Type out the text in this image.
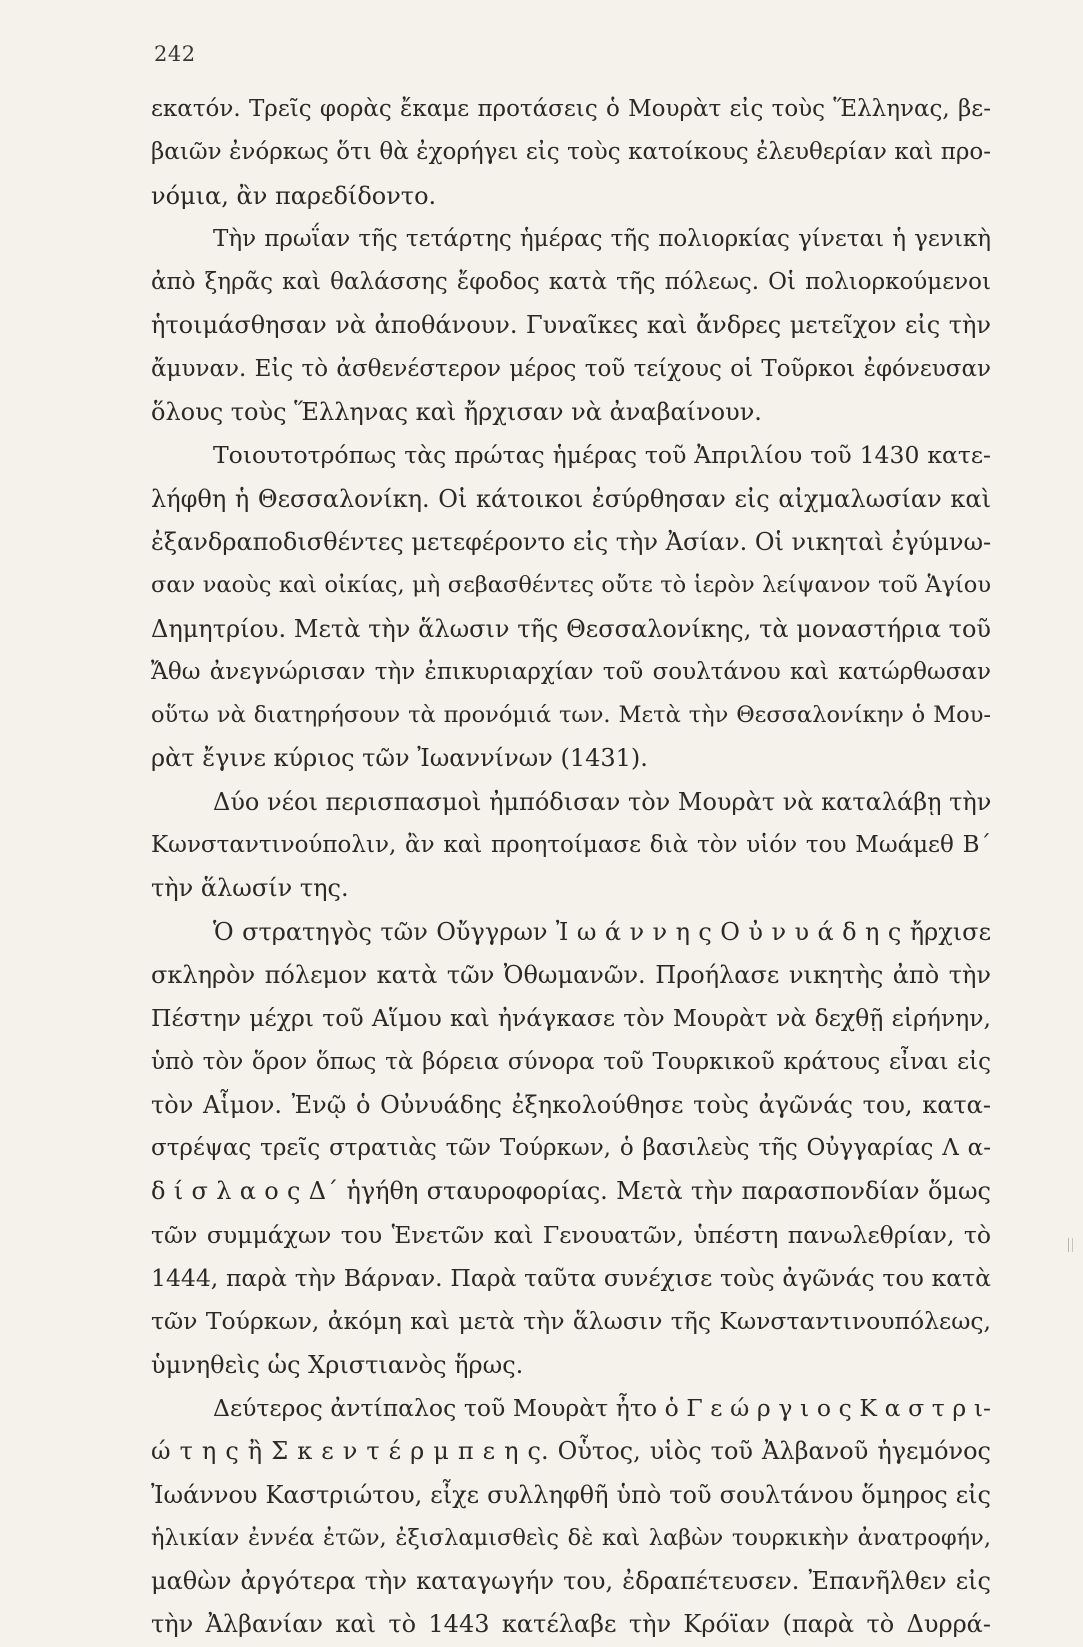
242
εκατόν. Τρεῖς φορὰς ἔκαμε προτάσεις ὁ Μουρὰτ εἰς τοὺς Ἕλληνας, βε-
βαιῶν ἐνόρκως ὅτι θὰ ἐχορήγει εἰς τοὺς κατοίκους ἐλευθερίαν καὶ προ-
νόμια, ἂν παρεδίδοντο.
Τὴν πρωΐαν τῆς τετάρτης ἡμέρας τῆς πολιορκίας γίνεται ἡ γενικὴ
ἀπὸ ξηρᾶς καὶ θαλάσσης ἔφοδος κατὰ τῆς πόλεως. Οἱ πολιορκούμενοι
ἡτοιμάσθησαν νὰ ἀποθάνουν. Γυναῖκες καὶ ἄνδρες μετεῖχον εἰς τὴν
ἄμυναν. Εἰς τὸ ἀσθενέστερον μέρος τοῦ τείχους οἱ Τοῦρκοι ἐφόνευσαν
ὅλους τοὺς Ἕλληνας καὶ ἤρχισαν νὰ ἀναβαίνουν.
Τοιουτοτρόπως τὰς πρώτας ἡμέρας τοῦ Ἀπριλίου τοῦ 1430 κατε-
λήφθη ἡ Θεσσαλονίκη. Οἱ κάτοικοι ἐσύρθησαν εἰς αἰχμαλωσίαν καὶ
ἐξανδραποδισθέντες μετεφέροντο εἰς τὴν Ἀσίαν. Οἱ νικηταὶ ἐγύμνω-
σαν ναοὺς καὶ οἰκίας, μὴ σεβασθέντες οὔτε τὸ ἱερὸν λείψανον τοῦ Ἁγίου
Δημητρίου. Μετὰ τὴν ἅλωσιν τῆς Θεσσαλονίκης, τὰ μοναστήρια τοῦ
Ἄθω ἀνεγνώρισαν τὴν ἐπικυριαρχίαν τοῦ σουλτάνου καὶ κατώρθωσαν
οὕτω νὰ διατηρήσουν τὰ προνόμιά των. Μετὰ τὴν Θεσσαλονίκην ὁ Μου-
ρὰτ ἔγινε κύριος τῶν Ἰωαννίνων (1431).
Δύο νέοι περισπασμοὶ ἠμπόδισαν τὸν Μουρὰτ νὰ καταλάβῃ τὴν
Κωνσταντινούπολιν, ἂν καὶ προητοίμασε διὰ τὸν υἱόν του Μωάμεθ Β΄
τὴν ἅλωσίν της.
Ὁ στρατηγὸς τῶν Οὔγγρων Ἰ ω ά ν ν η ς Ο ὐ ν υ ά δ η ς ἤρχισε
σκληρὸν πόλεμον κατὰ τῶν Ὀθωμανῶν. Προήλασε νικητὴς ἀπὸ τὴν
Πέστην μέχρι τοῦ Αἵμου καὶ ἠνάγκασε τὸν Μουρὰτ νὰ δεχθῇ εἰρήνην,
ὑπὸ τὸν ὅρον ὅπως τὰ βόρεια σύνορα τοῦ Τουρκικοῦ κράτους εἶναι εἰς
τὸν Αἷμον. Ἐνῷ ὁ Οὐνυάδης ἐξηκολούθησε τοὺς ἀγῶνάς του, κατα-
στρέψας τρεῖς στρατιὰς τῶν Τούρκων, ὁ βασιλεὺς τῆς Οὐγγαρίας Λ α-
δ ί σ λ α ο ς Δ΄ ἡγήθη σταυροφορίας. Μετὰ τὴν παρασπονδίαν ὅμως
τῶν συμμάχων του Ἑνετῶν καὶ Γενουατῶν, ὑπέστη πανωλεθρίαν, τὸ
1444, παρὰ τὴν Βάρναν. Παρὰ ταῦτα συνέχισε τοὺς ἀγῶνάς του κατὰ
τῶν Τούρκων, ἀκόμη καὶ μετὰ τὴν ἅλωσιν τῆς Κωνσταντινουπόλεως,
ὑμνηθεὶς ὡς Χριστιανὸς ἥρως.
Δεύτερος ἀντίπαλος τοῦ Μουρὰτ ἦτο ὁ Γ ε ώ ρ γ ι ο ς Κ α σ τ ρ ι-
ώ τ η ς ἢ Σ κ ε ν τ έ ρ μ π ε η ς. Οὗτος, υἱὸς τοῦ Ἀλβανοῦ ἡγεμόνος
Ἰωάννου Καστριώτου, εἶχε συλληφθῆ ὑπὸ τοῦ σουλτάνου ὅμηρος εἰς
ἡλικίαν ἐννέα ἐτῶν, ἐξισλαμισθεὶς δὲ καὶ λαβὼν τουρκικὴν ἀνατροφήν,
μαθὼν ἀργότερα τὴν καταγωγήν του, ἐδραπέτευσεν. Ἐπανῆλθεν εἰς
τὴν Ἀλβανίαν καὶ τὸ 1443 κατέλαβε τὴν Κρόϊαν (παρὰ τὸ Δυρρά-
